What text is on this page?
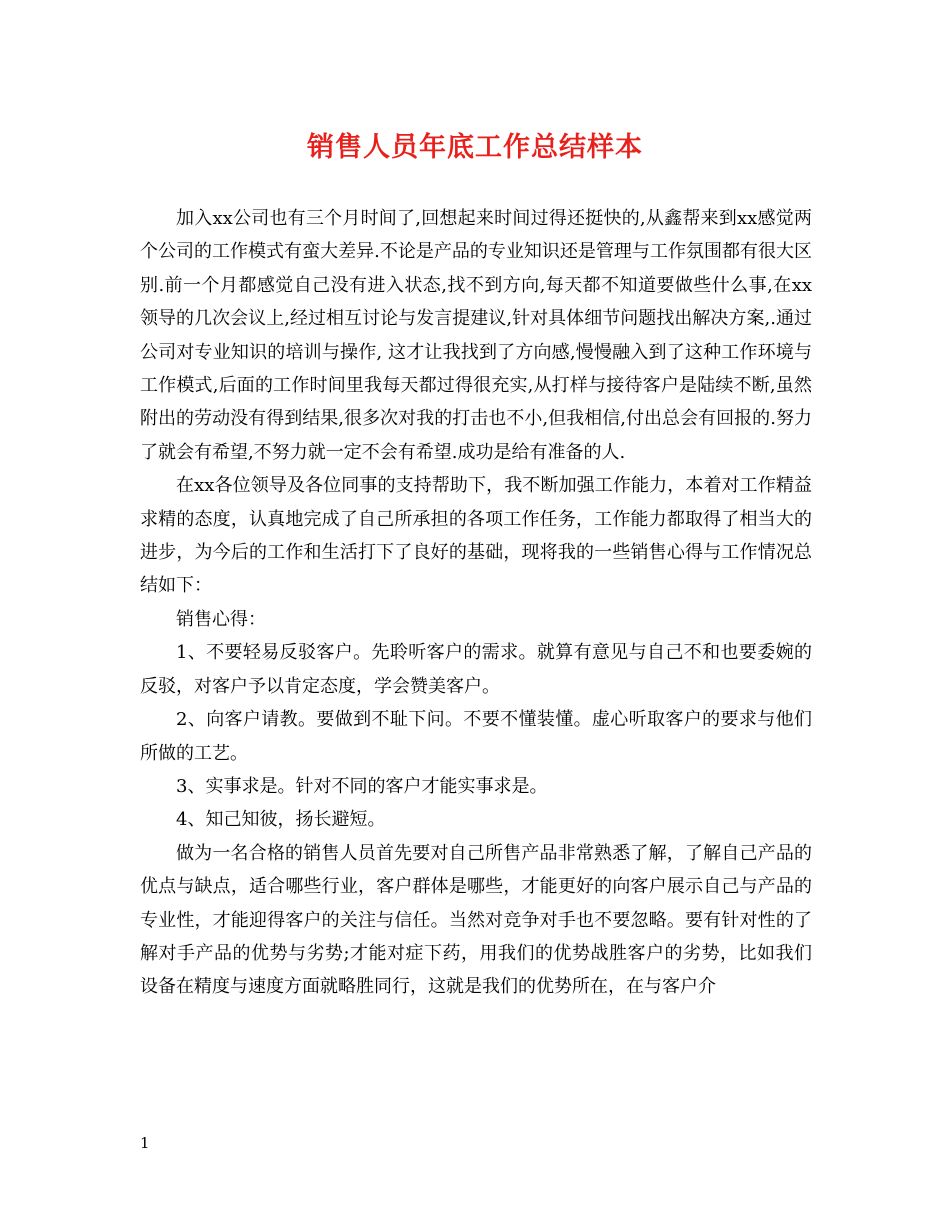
销售人员年底工作总结样本

加入xx公司也有三个月时间了,回想起来时间过得还挺快的,从鑫帮来到xx感觉两个公司的工作模式有蛮大差异.不论是产品的专业知识还是管理与工作氛围都有很大区别.前一个月都感觉自己没有进入状态,找不到方向,每天都不知道要做些什么事,在xx领导的几次会议上,经过相互讨论与发言提建议,针对具体细节问题找出解决方案,.通过公司对专业知识的培训与操作, 这才让我找到了方向感,慢慢融入到了这种工作环境与工作模式,后面的工作时间里我每天都过得很充实,从打样与接待客户是陆续不断,虽然附出的劳动没有得到结果,很多次对我的打击也不小,但我相信,付出总会有回报的.努力了就会有希望,不努力就一定不会有希望.成功是给有准备的人.

在xx各位领导及各位同事的支持帮助下，我不断加强工作能力，本着对工作精益求精的态度，认真地完成了自己所承担的各项工作任务，工作能力都取得了相当大的进步，为今后的工作和生活打下了良好的基础，现将我的一些销售心得与工作情况总结如下：

销售心得：

1、不要轻易反驳客户。先聆听客户的需求。就算有意见与自己不和也要委婉的反驳，对客户予以肯定态度，学会赞美客户。

2、向客户请教。要做到不耻下问。不要不懂装懂。虚心听取客户的要求与他们所做的工艺。

3、实事求是。针对不同的客户才能实事求是。

4、知己知彼，扬长避短。

做为一名合格的销售人员首先要对自己所售产品非常熟悉了解，了解自己产品的优点与缺点，适合哪些行业，客户群体是哪些，才能更好的向客户展示自己与产品的专业性，才能迎得客户的关注与信任。当然对竞争对手也不要忽略。要有针对性的了解对手产品的优势与劣势;才能对症下药，用我们的优势战胜客户的劣势，比如我们设备在精度与速度方面就略胜同行，这就是我们的优势所在，在与客户介

1
